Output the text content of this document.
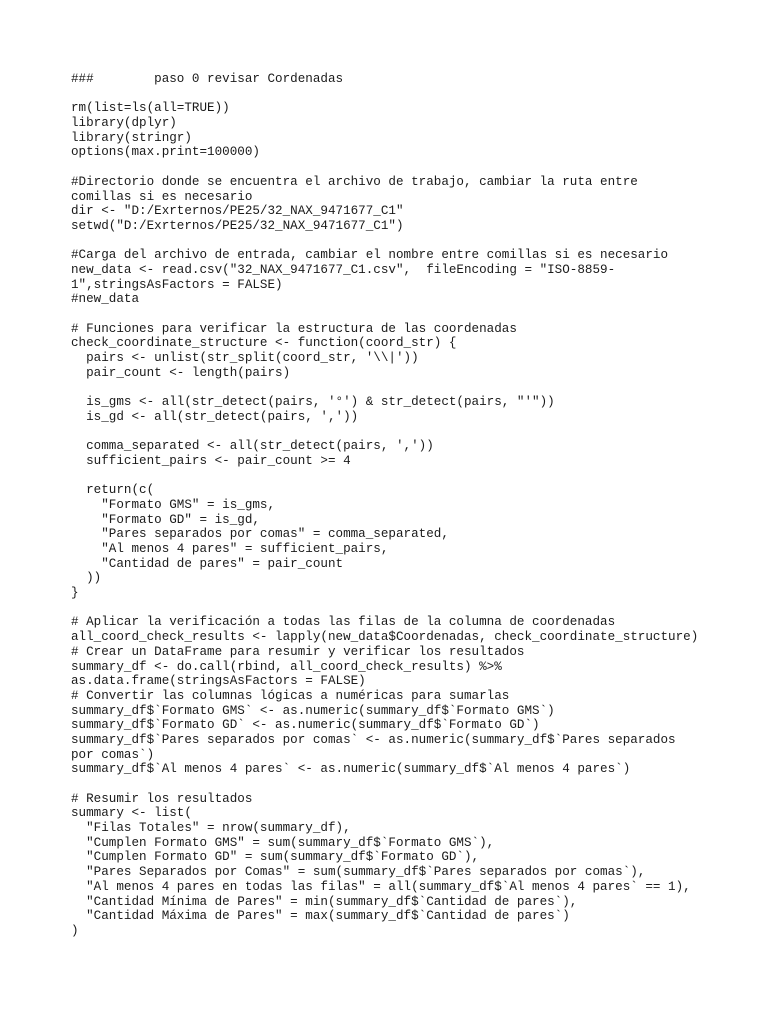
###        paso 0 revisar Cordenadas
rm(list=ls(all=TRUE))
library(dplyr)
library(stringr)
options(max.print=100000)
#Directorio donde se encuentra el archivo de trabajo, cambiar la ruta entre
comillas si es necesario
dir <- "D:/Exrternos/PE25/32_NAX_9471677_C1"
setwd("D:/Exrternos/PE25/32_NAX_9471677_C1")
#Carga del archivo de entrada, cambiar el nombre entre comillas si es necesario
new_data <- read.csv("32_NAX_9471677_C1.csv",  fileEncoding = "ISO-8859-
1",stringsAsFactors = FALSE)
#new_data
# Funciones para verificar la estructura de las coordenadas
check_coordinate_structure <- function(coord_str) {
pairs <- unlist(str_split(coord_str, '\\|'))
pair_count <- length(pairs)
is_gms <- all(str_detect(pairs, '°') & str_detect(pairs, "'"))
is_gd <- all(str_detect(pairs, ','))
comma_separated <- all(str_detect(pairs, ','))
sufficient_pairs <- pair_count >= 4
return(c(
"Formato GMS" = is_gms,
"Formato GD" = is_gd,
"Pares separados por comas" = comma_separated,
"Al menos 4 pares" = sufficient_pairs,
"Cantidad de pares" = pair_count
))
}
# Aplicar la verificación a todas las filas de la columna de coordenadas
all_coord_check_results <- lapply(new_data$Coordenadas, check_coordinate_structure)
# Crear un DataFrame para resumir y verificar los resultados
summary_df <- do.call(rbind, all_coord_check_results) %>%
as.data.frame(stringsAsFactors = FALSE)
# Convertir las columnas lógicas a numéricas para sumarlas
summary_df$`Formato GMS` <- as.numeric(summary_df$`Formato GMS`)
summary_df$`Formato GD` <- as.numeric(summary_df$`Formato GD`)
summary_df$`Pares separados por comas` <- as.numeric(summary_df$`Pares separados
por comas`)
summary_df$`Al menos 4 pares` <- as.numeric(summary_df$`Al menos 4 pares`)
# Resumir los resultados
summary <- list(
"Filas Totales" = nrow(summary_df),
"Cumplen Formato GMS" = sum(summary_df$`Formato GMS`),
"Cumplen Formato GD" = sum(summary_df$`Formato GD`),
"Pares Separados por Comas" = sum(summary_df$`Pares separados por comas`),
"Al menos 4 pares en todas las filas" = all(summary_df$`Al menos 4 pares` == 1),
"Cantidad Mínima de Pares" = min(summary_df$`Cantidad de pares`),
"Cantidad Máxima de Pares" = max(summary_df$`Cantidad de pares`)
)
